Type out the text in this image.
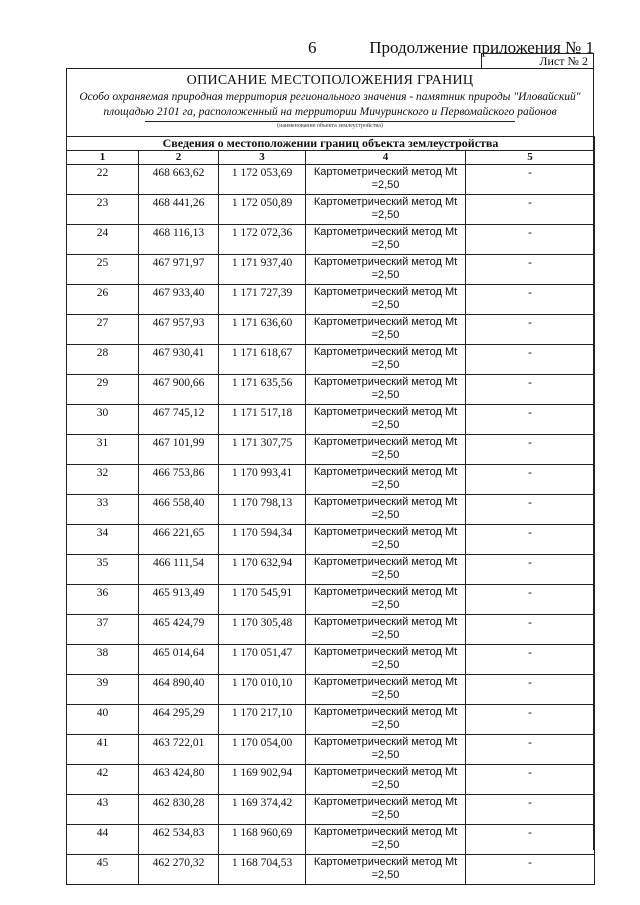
6	Продолжение приложения № 1
Лист № 2
ОПИСАНИЕ МЕСТОПОЛОЖЕНИЯ ГРАНИЦ
Особо охраняемая природная территория регионального значения - памятник природы "Иловайский" площадью 2101 га, расположенный на территории Мичуринского и Первомайского районов
(наименование объекта землеустройства)
Сведения о местоположении границ объекта землеустройства				
1	2	3	4	5
22	468 663,62	1 172 053,69	Картометрический метод Mt
=2,50	-
23	468 441,26	1 172 050,89	Картометрический метод Mt
=2,50	-
24	468 116,13	1 172 072,36	Картометрический метод Mt
=2,50	-
25	467 971,97	1 171 937,40	Картометрический метод Mt
=2,50	-
26	467 933,40	1 171 727,39	Картометрический метод Mt
=2,50	-
27	467 957,93	1 171 636,60	Картометрический метод Mt
=2,50	-
28	467 930,41	1 171 618,67	Картометрический метод Mt
=2,50	-
29	467 900,66	1 171 635,56	Картометрический метод Mt
=2,50	-
30	467 745,12	1 171 517,18	Картометрический метод Mt
=2,50	-
31	467 101,99	1 171 307,75	Картометрический метод Mt
=2,50	-
32	466 753,86	1 170 993,41	Картометрический метод Mt
=2,50	-
33	466 558,40	1 170 798,13	Картометрический метод Mt
=2,50	-
34	466 221,65	1 170 594,34	Картометрический метод Mt
=2,50	-
35	466 111,54	1 170 632,94	Картометрический метод Mt
=2,50	-
36	465 913,49	1 170 545,91	Картометрический метод Mt
=2,50	-
37	465 424,79	1 170 305,48	Картометрический метод Mt
=2,50	-
38	465 014,64	1 170 051,47	Картометрический метод Mt
=2,50	-
39	464 890,40	1 170 010,10	Картометрический метод Mt
=2,50	-
40	464 295,29	1 170 217,10	Картометрический метод Mt
=2,50	-
41	463 722,01	1 170 054,00	Картометрический метод Mt
=2,50	-
42	463 424,80	1 169 902,94	Картометрический метод Mt
=2,50	-
43	462 830,28	1 169 374,42	Картометрический метод Mt
=2,50	-
44	462 534,83	1 168 960,69	Картометрический метод Mt
=2,50	-
45	462 270,32	1 168 704,53	Картометрический метод Mt
=2,50	-
